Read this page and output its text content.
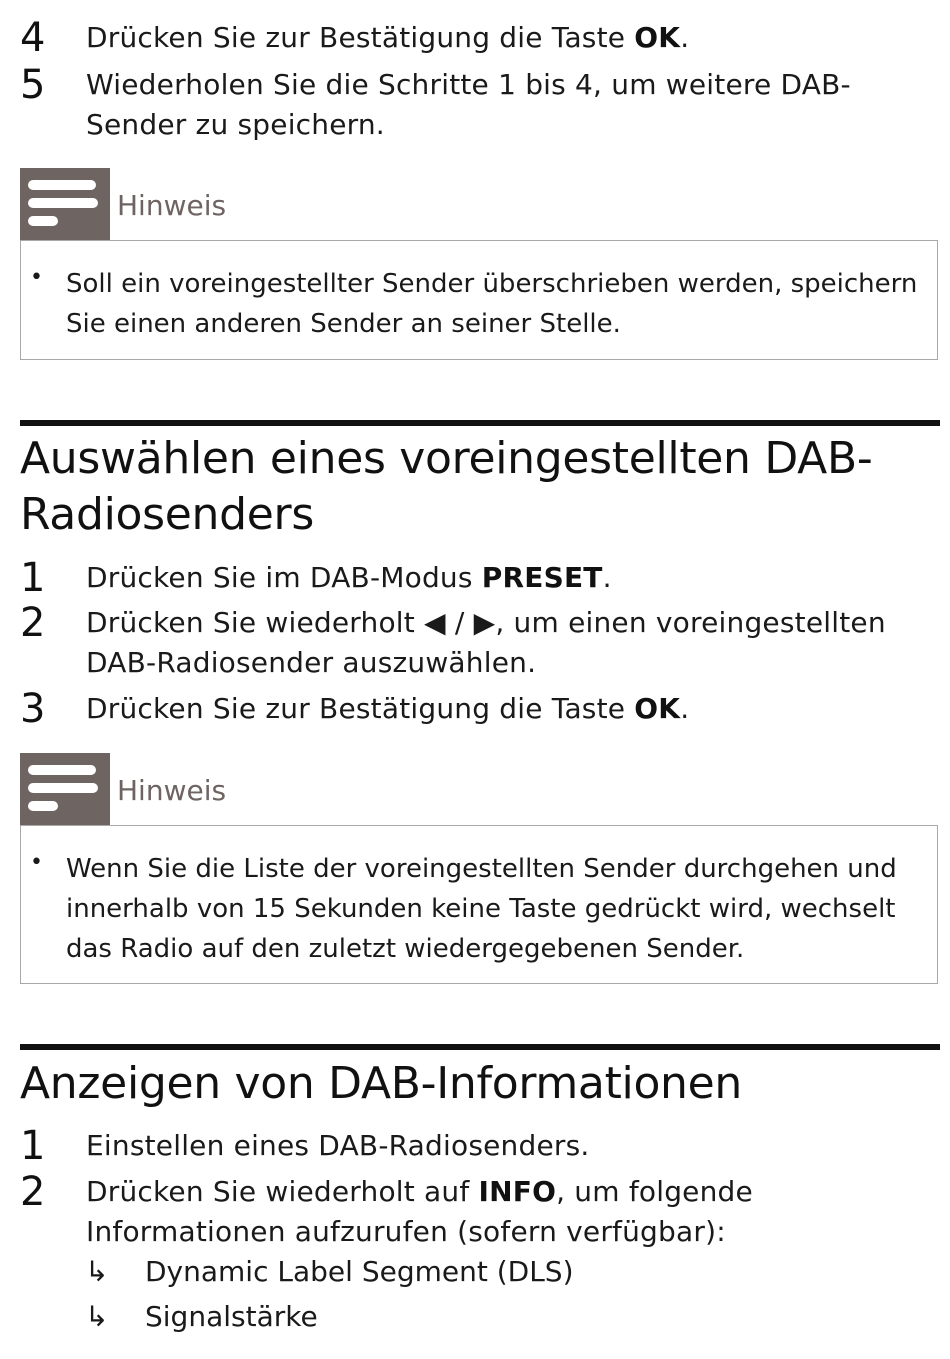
4 Drücken Sie zur Bestätigung die Taste OK.
5 Wiederholen Sie die Schritte 1 bis 4, um weitere DAB-Sender zu speichern.
Hinweis
• Soll ein voreingestellter Sender überschrieben werden, speichern Sie einen anderen Sender an seiner Stelle.
Auswählen eines voreingestellten DAB-Radiosenders
1 Drücken Sie im DAB-Modus PRESET.
2 Drücken Sie wiederholt ◀ / ▶, um einen voreingestellten DAB-Radiosender auszuwählen.
3 Drücken Sie zur Bestätigung die Taste OK.
Hinweis
• Wenn Sie die Liste der voreingestellten Sender durchgehen und innerhalb von 15 Sekunden keine Taste gedrückt wird, wechselt das Radio auf den zuletzt wiedergegebenen Sender.
Anzeigen von DAB-Informationen
1 Einstellen eines DAB-Radiosenders.
2 Drücken Sie wiederholt auf INFO, um folgende Informationen aufzurufen (sofern verfügbar):
↳ Dynamic Label Segment (DLS)
↳ Signalstärke
